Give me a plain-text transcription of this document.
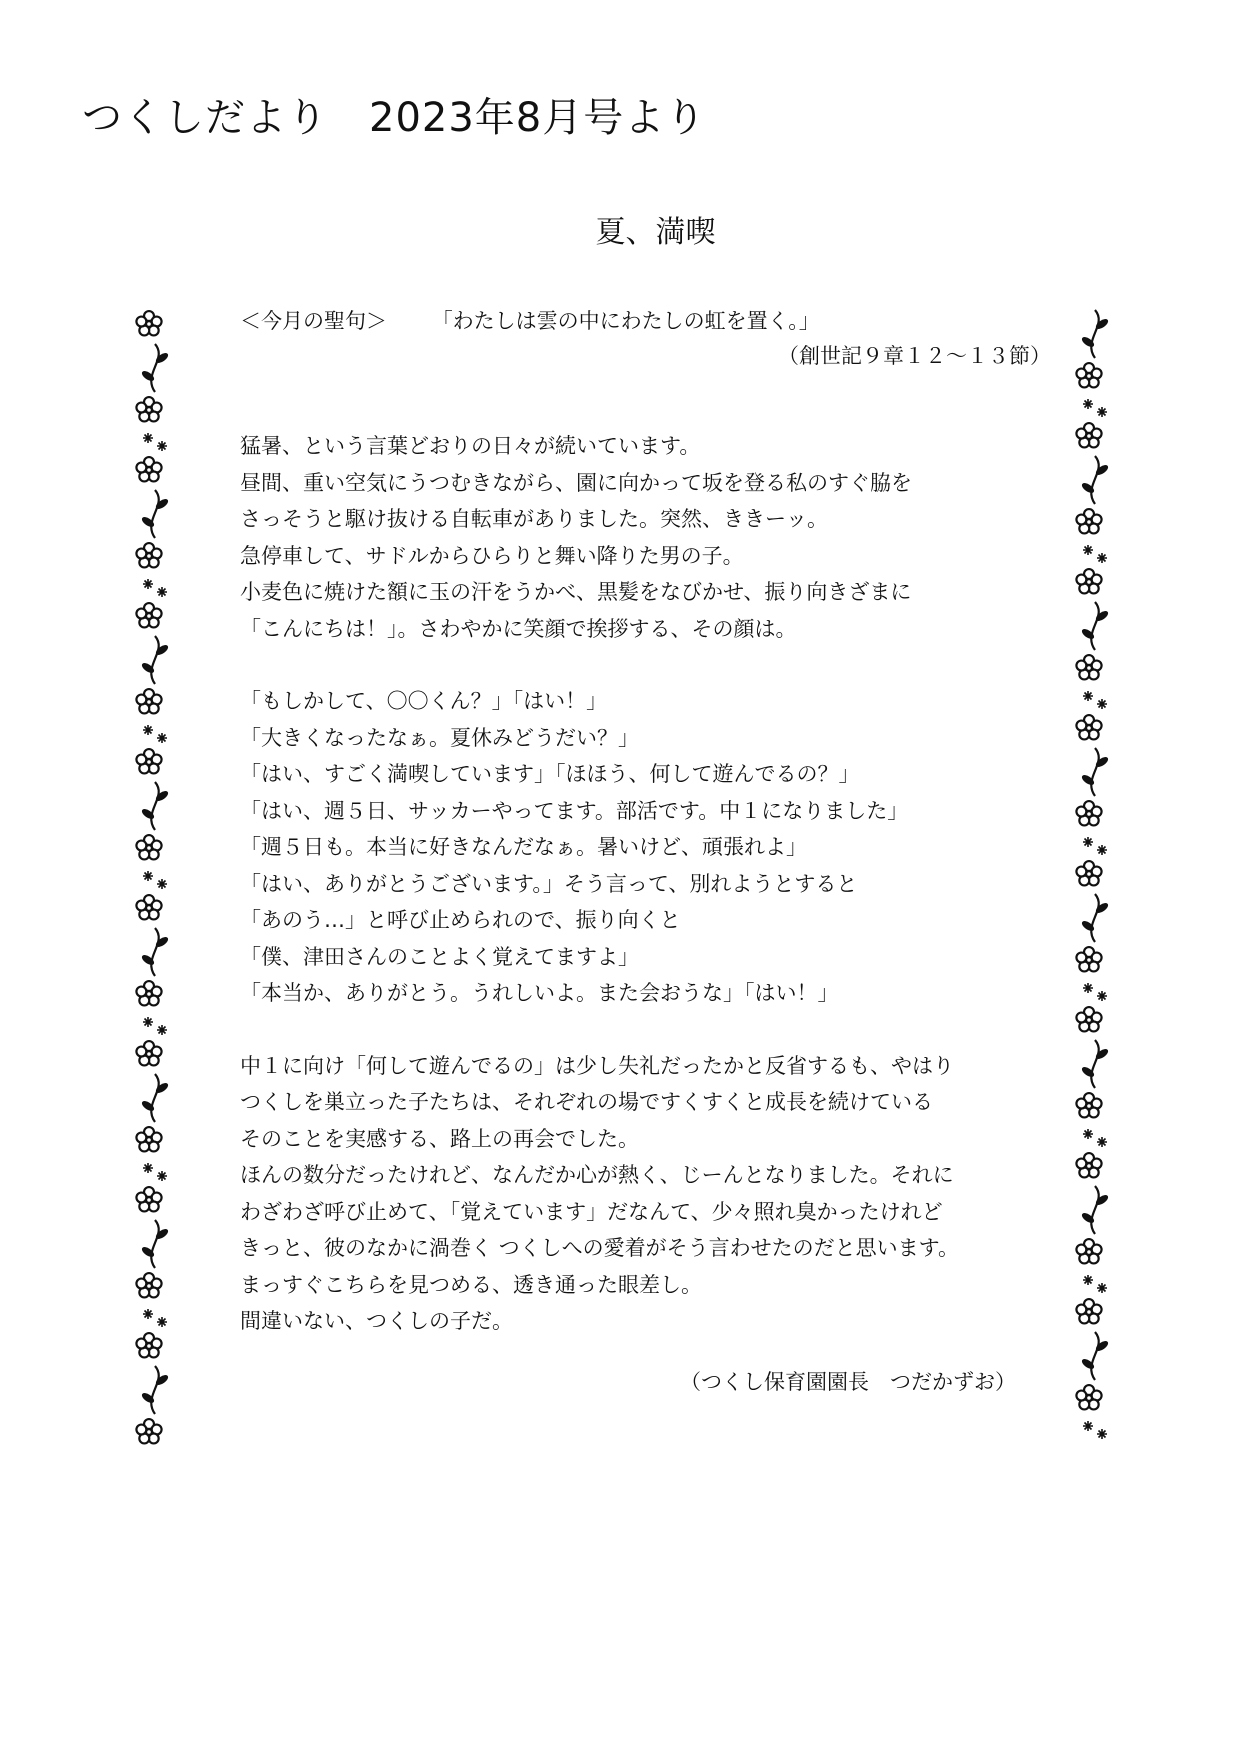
つくしだより　2023年8月号より
夏、満喫
＜今月の聖句＞ 「わたしは雲の中にわたしの虹を置く。」
（創世記９章１２〜１３節）

猛暑、という言葉どおりの日々が続いています。
昼間、重い空気にうつむきながら、園に向かって坂を登る私のすぐ脇を
さっそうと駆け抜ける自転車がありました。突然、ききーッ。
急停車して、サドルからひらりと舞い降りた男の子。
小麦色に焼けた額に玉の汗をうかべ、黒髪をなびかせ、振り向きざまに
「こんにちは！」。さわやかに笑顔で挨拶する、その顔は。

「もしかして、〇〇くん？」「はい！」
「大きくなったなぁ。夏休みどうだい？」
「はい、すごく満喫しています」「ほほう、何して遊んでるの？」
「はい、週５日、サッカーやってます。部活です。中１になりました」
「週５日も。本当に好きなんだなぁ。暑いけど、頑張れよ」
「はい、ありがとうございます。」そう言って、別れようとすると
「あのう…」と呼び止められので、振り向くと
「僕、津田さんのことよく覚えてますよ」
「本当か、ありがとう。うれしいよ。また会おうな」「はい！」

中１に向け「何して遊んでるの」は少し失礼だったかと反省するも、やはり
つくしを巣立った子たちは、それぞれの場ですくすくと成長を続けている
そのことを実感する、路上の再会でした。
ほんの数分だったけれど、なんだか心が熱く、じーんとなりました。それに
わざわざ呼び止めて、「覚えています」だなんて、少々照れ臭かったけれど
きっと、彼のなかに渦巻く つくしへの愛着がそう言わせたのだと思います。
まっすぐこちらを見つめる、透き通った眼差し。
間違いない、つくしの子だ。

（つくし保育園園長　つだかずお）
